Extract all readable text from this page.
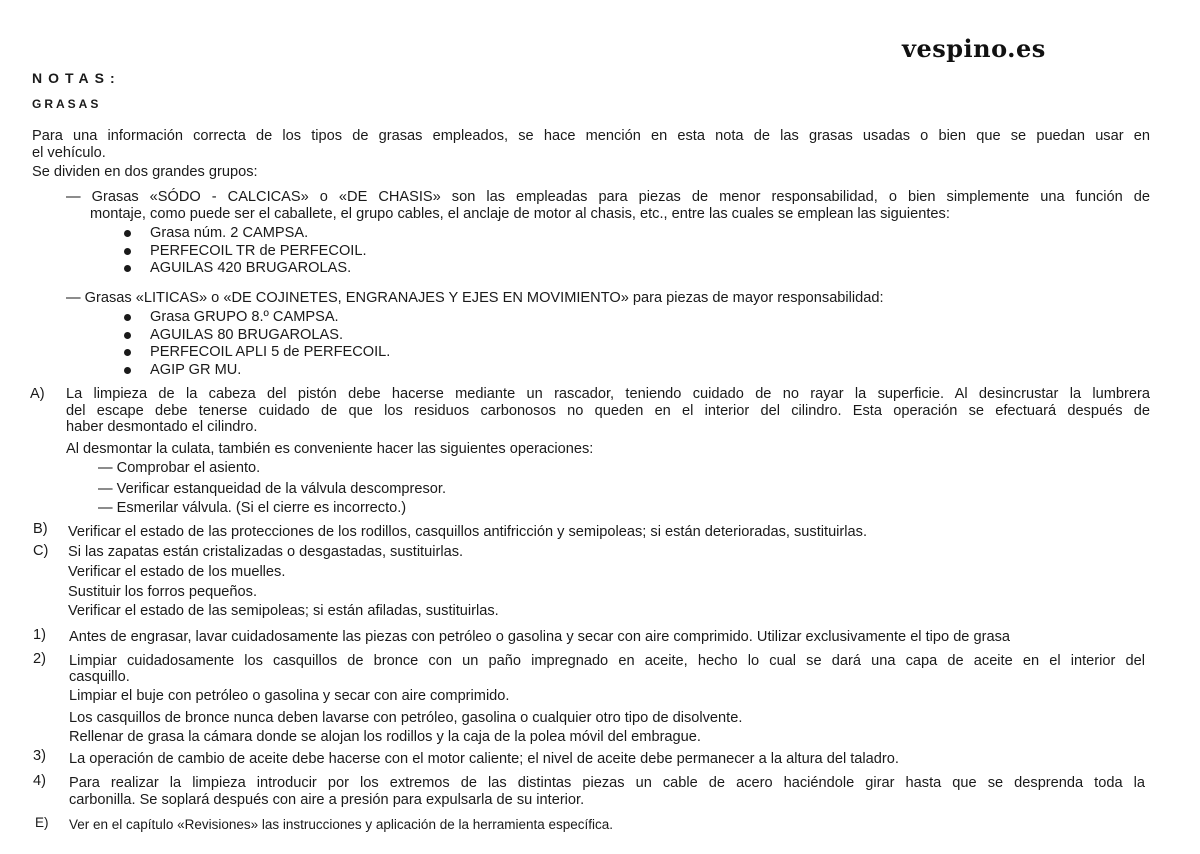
vespino.es
NOTAS:
GRASAS
Para una información correcta de los tipos de grasas empleados, se hace mención en esta nota de las grasas usadas o bien que se puedan usar en
el vehículo.
Se dividen en dos grandes grupos:
— Grasas «SÓDO - CALCICAS» o «DE CHASIS» son las empleadas para piezas de menor responsabilidad, o bien simplemente una función de
montaje, como puede ser el caballete, el grupo cables, el anclaje de motor al chasis, etc., entre las cuales se emplean las siguientes:
Grasa núm. 2 CAMPSA.
PERFECOIL TR de PERFECOIL.
AGUILAS 420 BRUGAROLAS.
— Grasas «LITICAS» o «DE COJINETES, ENGRANAJES Y EJES EN MOVIMIENTO» para piezas de mayor responsabilidad:
Grasa GRUPO 8.º CAMPSA.
AGUILAS 80 BRUGAROLAS.
PERFECOIL APLI 5 de PERFECOIL.
AGIP GR MU.
A) La limpieza de la cabeza del pistón debe hacerse mediante un rascador, teniendo cuidado de no rayar la superficie. Al desincrustar la lumbrera
del escape debe tenerse cuidado de que los residuos carbonosos no queden en el interior del cilindro. Esta operación se efectuará después de
haber desmontado el cilindro.
Al desmontar la culata, también es conveniente hacer las siguientes operaciones:
— Comprobar el asiento.
— Verificar estanqueidad de la válvula descompresor.
— Esmerilar válvula. (Si el cierre es incorrecto.)
B) Verificar el estado de las protecciones de los rodillos, casquillos antifricción y semipoleas; si están deterioradas, sustituirlas.
C) Si las zapatas están cristalizadas o desgastadas, sustituirlas.
Verificar el estado de los muelles.
Sustituir los forros pequeños.
Verificar el estado de las semipoleas; si están afiladas, sustituirlas.
1) Antes de engrasar, lavar cuidadosamente las piezas con petróleo o gasolina y secar con aire comprimido. Utilizar exclusivamente el tipo de grasa
2) Limpiar cuidadosamente los casquillos de bronce con un paño impregnado en aceite, hecho lo cual se dará una capa de aceite en el interior del
casquillo.
Limpiar el buje con petróleo o gasolina y secar con aire comprimido.
Los casquillos de bronce nunca deben lavarse con petróleo, gasolina o cualquier otro tipo de disolvente.
Rellenar de grasa la cámara donde se alojan los rodillos y la caja de la polea móvil del embrague.
3) La operación de cambio de aceite debe hacerse con el motor caliente; el nivel de aceite debe permanecer a la altura del taladro.
4) Para realizar la limpieza introducir por los extremos de las distintas piezas un cable de acero haciéndole girar hasta que se desprenda toda la
carbonilla. Se soplará después con aire a presión para expulsarla de su interior.
E) Ver en el capítulo «Revisiones» las instrucciones y aplicación de la herramienta específica.
